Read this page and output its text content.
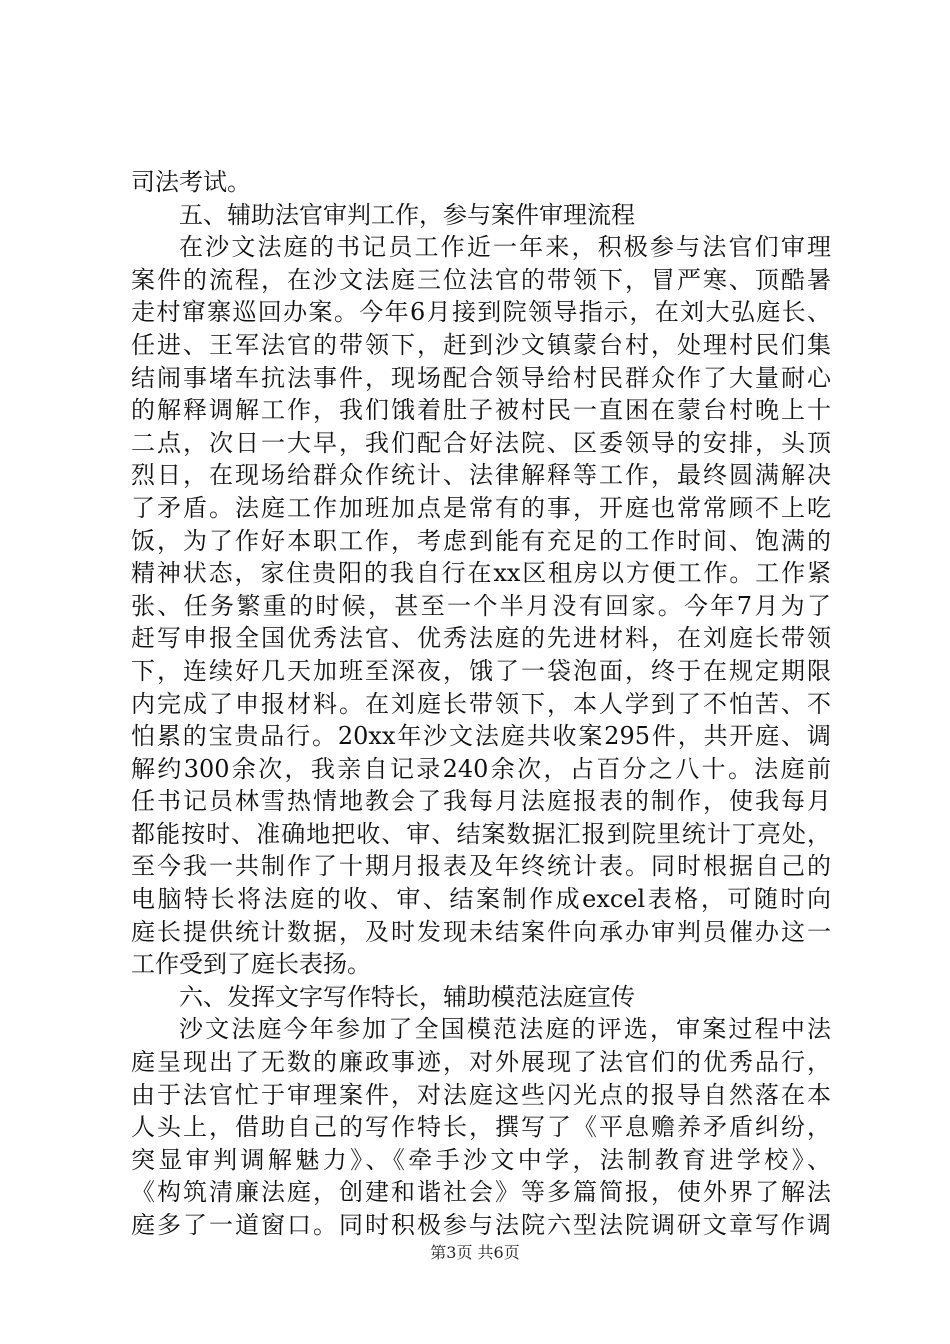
司法考试。
五、辅助法官审判工作，参与案件审理流程
在沙文法庭的书记员工作近一年来，积极参与法官们审理
案件的流程，在沙文法庭三位法官的带领下，冒严寒、顶酷暑
走村窜寨巡回办案。今年6月接到院领导指示，在刘大弘庭长、
任进、王军法官的带领下，赶到沙文镇蒙台村，处理村民们集
结闹事堵车抗法事件，现场配合领导给村民群众作了大量耐心
的解释调解工作，我们饿着肚子被村民一直困在蒙台村晚上十
二点，次日一大早，我们配合好法院、区委领导的安排，头顶
烈日，在现场给群众作统计、法律解释等工作，最终圆满解决
了矛盾。法庭工作加班加点是常有的事，开庭也常常顾不上吃
饭，为了作好本职工作，考虑到能有充足的工作时间、饱满的
精神状态，家住贵阳的我自行在xx区租房以方便工作。工作紧
张、任务繁重的时候，甚至一个半月没有回家。今年7月为了
赶写申报全国优秀法官、优秀法庭的先进材料，在刘庭长带领
下，连续好几天加班至深夜，饿了一袋泡面，终于在规定期限
内完成了申报材料。在刘庭长带领下，本人学到了不怕苦、不
怕累的宝贵品行。20xx年沙文法庭共收案295件，共开庭、调
解约300余次，我亲自记录240余次，占百分之八十。法庭前
任书记员林雪热情地教会了我每月法庭报表的制作，使我每月
都能按时、准确地把收、审、结案数据汇报到院里统计丁亮处，
至今我一共制作了十期月报表及年终统计表。同时根据自己的
电脑特长将法庭的收、审、结案制作成excel表格，可随时向
庭长提供统计数据，及时发现未结案件向承办审判员催办这一
工作受到了庭长表扬。
六、发挥文字写作特长，辅助模范法庭宣传
沙文法庭今年参加了全国模范法庭的评选，审案过程中法
庭呈现出了无数的廉政事迹，对外展现了法官们的优秀品行，
由于法官忙于审理案件，对法庭这些闪光点的报导自然落在本
人头上，借助自己的写作特长，撰写了《平息赡养矛盾纠纷，
突显审判调解魅力》、《牵手沙文中学，法制教育进学校》、
《构筑清廉法庭，创建和谐社会》等多篇简报，使外界了解法
庭多了一道窗口。同时积极参与法院六型法院调研文章写作调
第3页 共6页
